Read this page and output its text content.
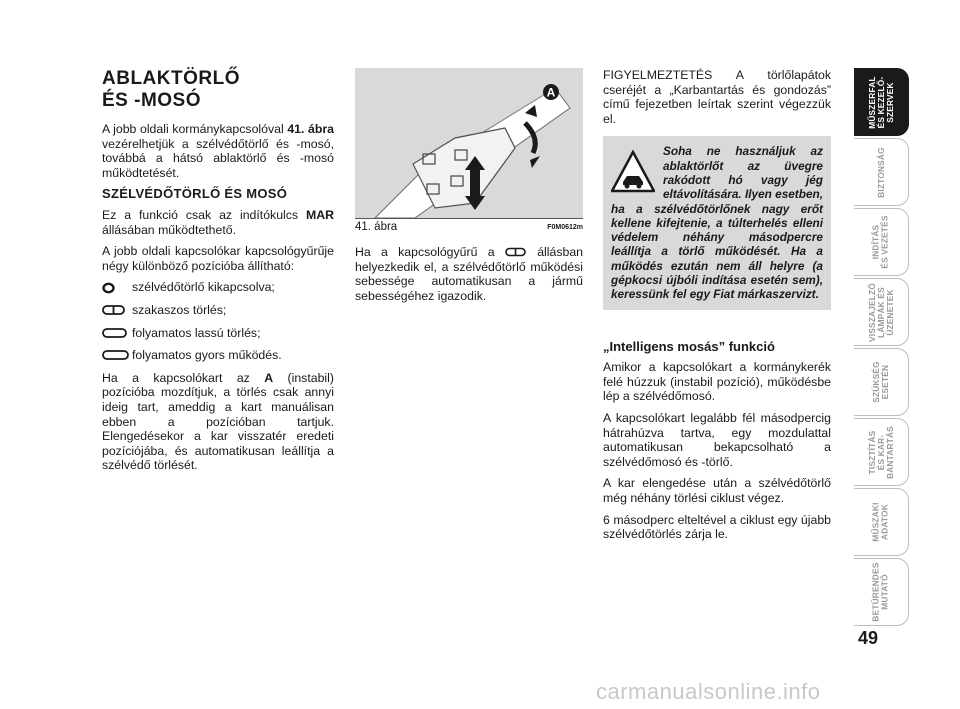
ABLAKTÖRLŐ
ÉS -MOSÓ

A jobb oldali kormánykapcsolóval 41. ábra vezérelhetjük a szélvédőtörlő és -mosó, továbbá a hátsó ablaktörlő és -mosó működtetését.

SZÉLVÉDŐTÖRLŐ ÉS MOSÓ

Ez a funkció csak az indítókulcs MAR állásában működtethető.

A jobb oldali kapcsolókar kapcsológyűrűje négy különböző pozícióba állítható:

szélvédőtörlő kikapcsolva;
szakaszos törlés;
folyamatos lassú törlés;
folyamatos gyors működés.

Ha a kapcsolókart az A (instabil) pozícióba mozdítjuk, a törlés csak annyi ideig tart, ameddig a kart manuálisan ebben a pozícióban tartjuk. Elengedésekor a kar visszatér eredeti pozíciójába, és automatikusan leállítja a szélvédő törlését.

A
41. ábra	F0M0612m

Ha a kapcsológyűrű a  állásban helyezkedik el, a szélvédőtörlő működési sebessége automatikusan a jármű sebességéhez igazodik.

FIGYELMEZTETÉS A törlőlapátok cseréjét a „Karbantartás és gondozás” című fejezetben leírtak szerint végezzük el.

Soha ne használjuk az ablaktörlőt az üvegre rakódott hó vagy jég eltávolítására. Ilyen esetben, ha a szélvédőtörlőnek nagy erőt kellene kifejtenie, a túlterhelés elleni védelem néhány másodpercre leállítja a törlő működését. Ha a működés ezután nem áll helyre (a gépkocsi újbóli indítása esetén sem), keressünk fel egy Fiat márkaszervizt.
„Intelligens mosás” funkció

Amikor a kapcsolókart a kormánykerék felé húzzuk (instabil pozíció), működésbe lép a szélvédőmosó.

A kapcsolókart legalább fél másodpercig hátrahúzva tartva, egy mozdulattal automatikusan bekapcsolható a szélvédőmosó és -törlő.

A kar elengedése után a szélvédőtörlő még néhány törlési ciklust végez.

6 másodperc elteltével a ciklust egy újabb szélvédőtörlés zárja le.

MŰSZERFAL
ÉS KEZELŐ-
SZERVEK
BIZTONSÁG
INDÍTÁS
ÉS VEZETÉS
VISSZAJELZŐ
LÁMPÁK ÉS
ÜZENETEK
SZÜKSÉG
ESETÉN
TISZTÍTÁS
ÉS KAR-
BANTARTÁS
MŰSZAKI
ADATOK
BETŰRENDES
MUTATÓ
49
carmanualsonline.info
